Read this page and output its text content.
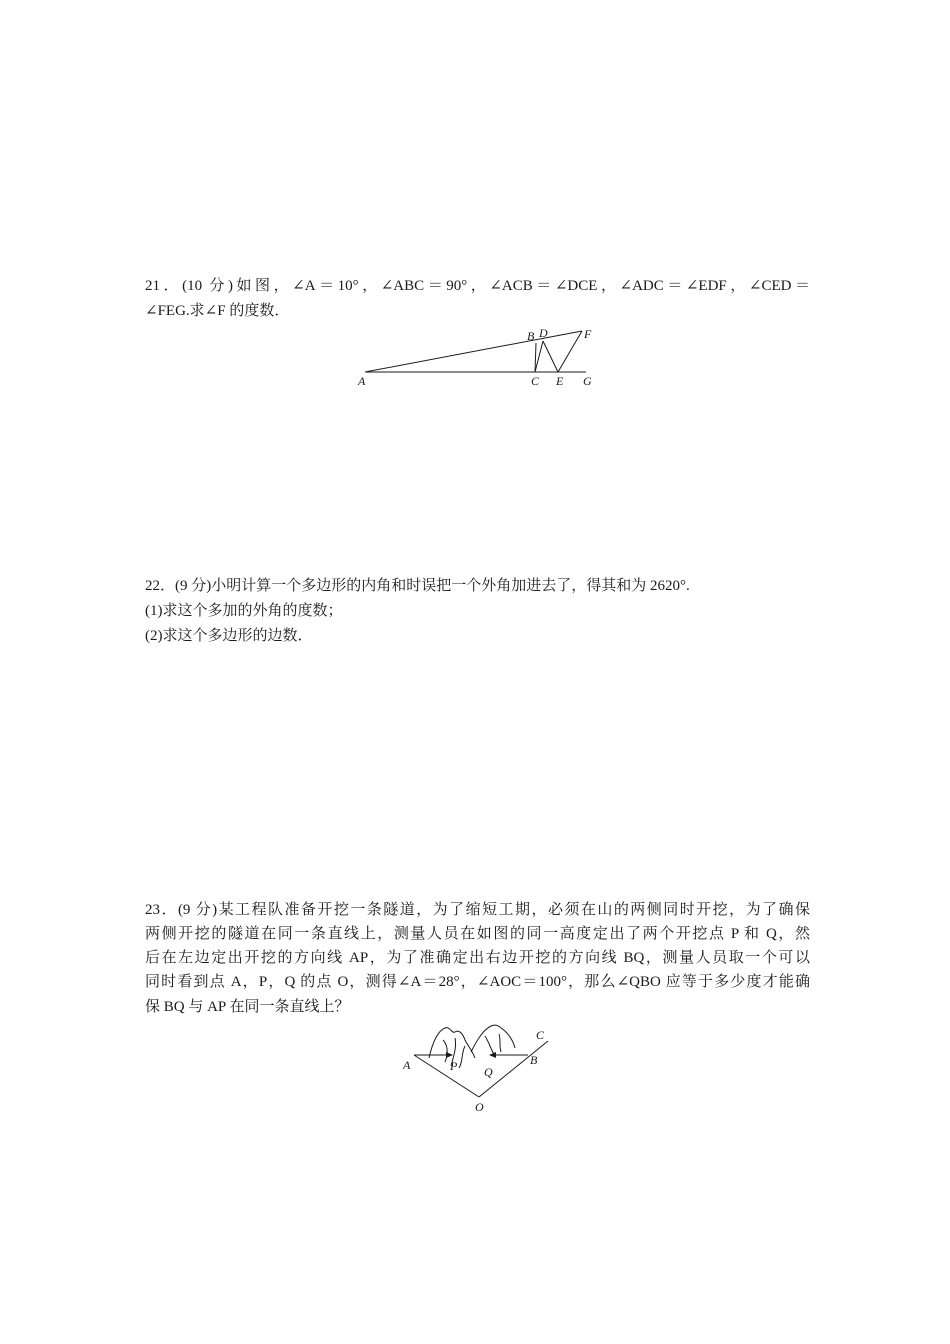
21．(10 分)如图，∠A＝10°，∠ABC＝90°，∠ACB＝∠DCE，∠ADC＝∠EDF，∠CED＝
∠FEG.求∠F 的度数．
A
B D	F
C E G
22．(9 分)小明计算一个多边形的内角和时误把一个外角加进去了，得其和为 2620°.
(1)求这个多加的外角的度数；
(2)求这个多边形的边数．
23．(9 分)某工程队准备开挖一条隧道，为了缩短工期，必须在山的两侧同时开挖，为了确保
两侧开挖的隧道在同一条直线上，测量人员在如图的同一高度定出了两个开挖点 P 和 Q，然
后在左边定出开挖的方向线 AP，为了准确定出右边开挖的方向线 BQ，测量人员取一个可以
同时看到点 A，P，Q 的点 O，测得∠A＝28°，∠AOC＝100°，那么∠QBO 应等于多少度才能确
保 BQ 与 AP 在同一条直线上？
A	P Q
B
C
O
